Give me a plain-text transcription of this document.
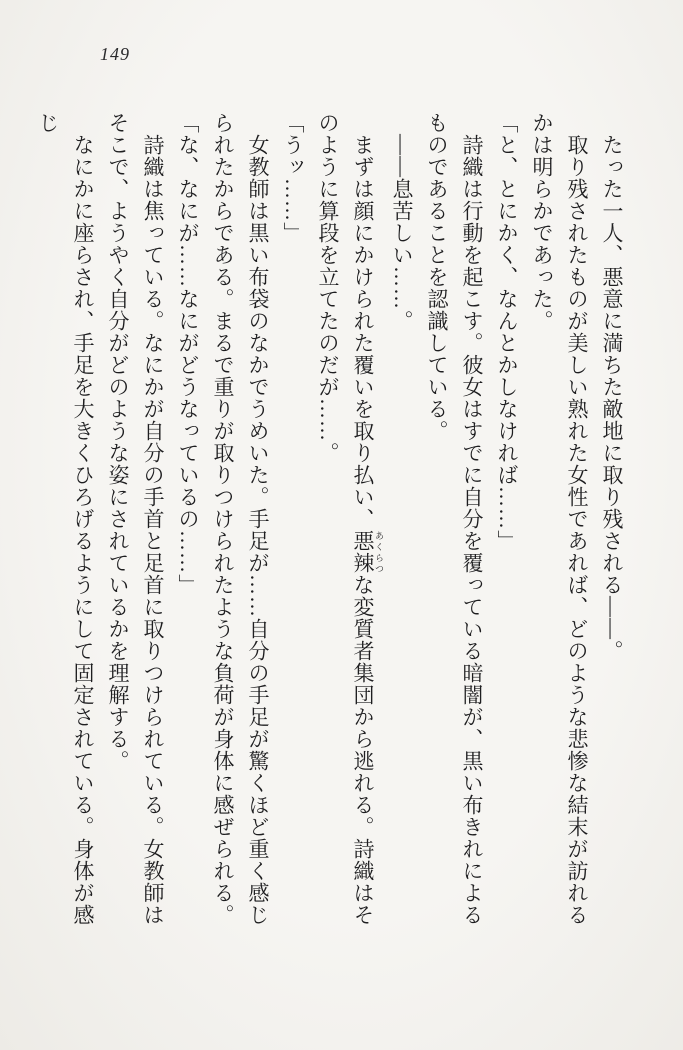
149

たった一人、悪意に満ちた敵地に取り残される——。

取り残されたものが美しい熟れた女性であれば、どのような悲惨な結末が訪れるかは明らかであった。

「と、とにかく、なんとかしなければ……」

詩織は行動を起こす。彼女はすでに自分を覆っている暗闇が、黒い布きれによるものであることを認識している。

——息苦しい……。

まずは顔にかけられた覆いを取り払い、悪辣 あくらつな変質者集団から逃れる。詩織はそのように算段を立てたのだが……。

「うッ……」

女教師は黒い布袋のなかでうめいた。手足が……自分の手足が驚くほど重く感じられたからである。まるで重りが取りつけられたような負荷が身体に感ぜられる。

「な、なにが……なにがどうなっているの……」

詩織は焦っている。なにかが自分の手首と足首に取りつけられている。女教師はそこで、ようやく自分がどのような姿にされているかを理解する。

なにかに座らされ、手足を大きくひろげるようにして固定されている。身体が感じ
